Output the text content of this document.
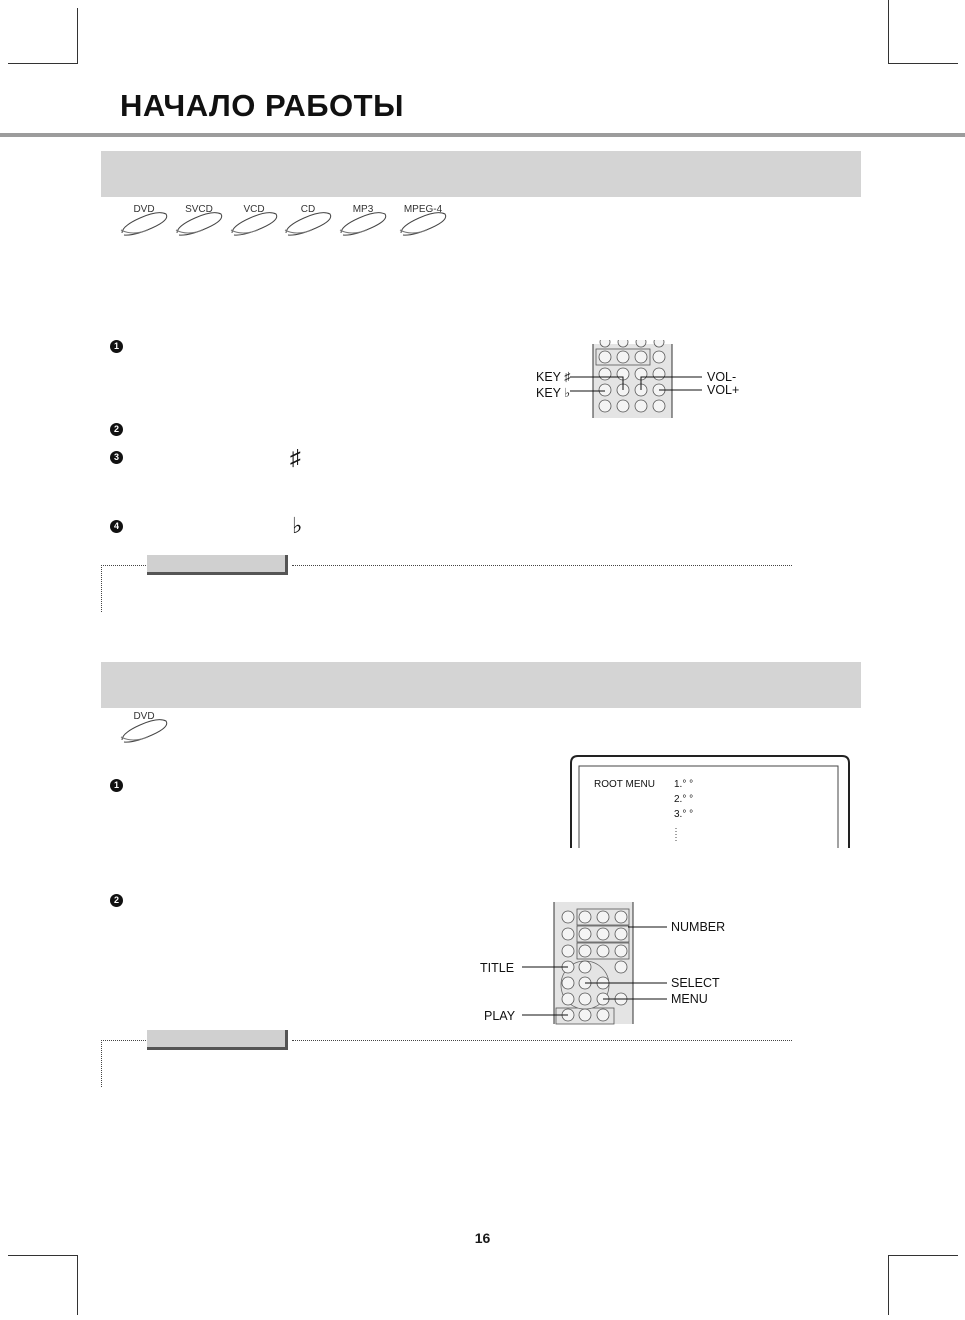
НАЧАЛО РАБОТЫ
DVD	SVCD	VCD	CD	MP3	MPEG-4
1
2
3
4
♯
♭
KEY ♯
KEY ♭
VOL-
VOL+
DVD
1
2
ROOT MENU 1.° °
2.° °
3.° °
NUMBER
TITLE
SELECT
MENU
PLAY
16
